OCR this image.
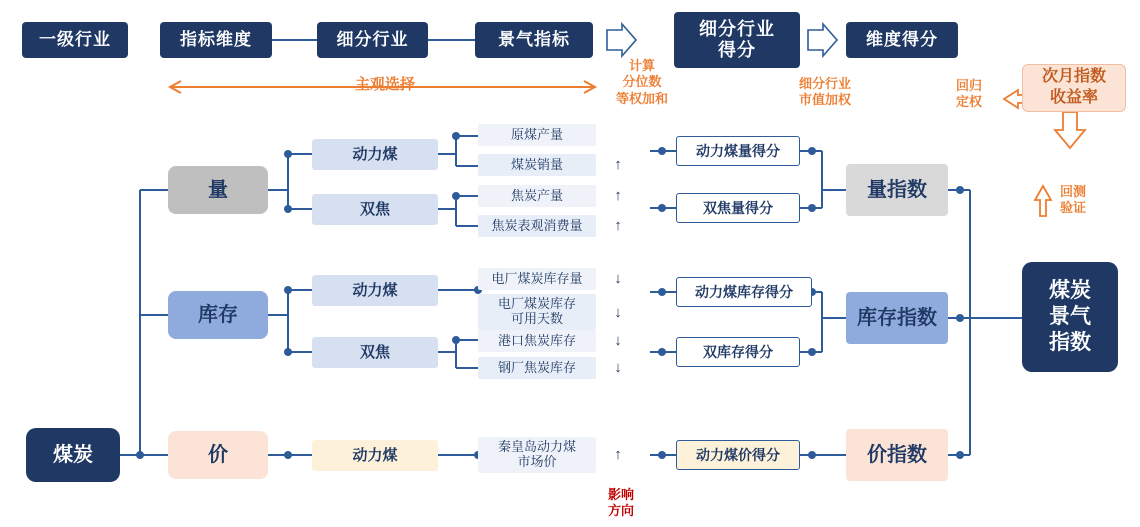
一级行业	指标维度	细分行业	景气指标
细分行业
得分
维度得分
主观选择
计算
分位数
等权加和
细分行业
市值加权
回归
定权
回测
验证
影响
方向
煤炭
量
库存
价
动力煤
双焦
动力煤
双焦
动力煤
原煤产量
煤炭销量
焦炭产量
焦炭表观消费量
电厂煤炭库存量
电厂煤炭库存
可用天数
港口焦炭库存
钢厂焦炭库存
秦皇岛动力煤
市场价
↑
↑
↑
↓
↓
↓
↓
↑
动力煤量得分
双焦量得分
动力煤库存得分
双库存得分
动力煤价得分
量指数
库存指数
价指数
煤炭
景气
指数
次月指数
收益率
